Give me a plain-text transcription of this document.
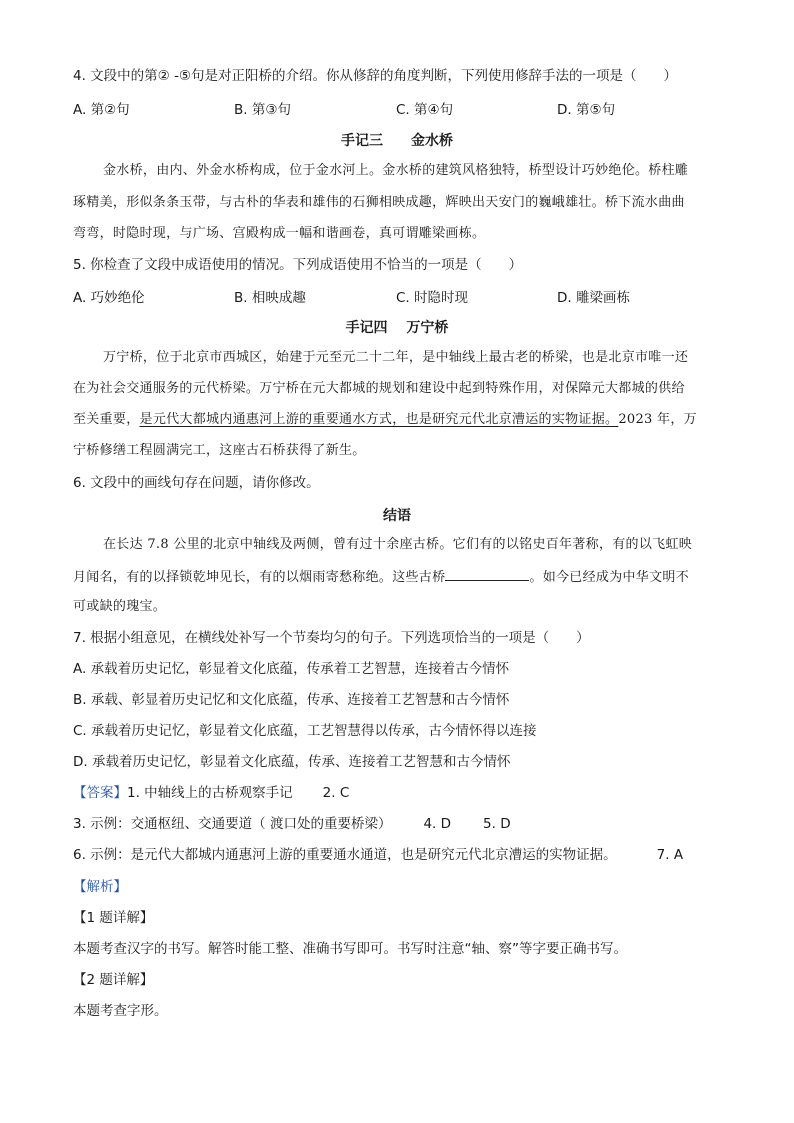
4. 文段中的第② -⑤句是对正阳桥的介绍。你从修辞的角度判断，下列使用修辞手法的一项是（　　）
A. 第②句	B. 第③句	C. 第④句	D. 第⑤句
手记三　　金水桥
金水桥，由内、外金水桥构成，位于金水河上。金水桥的建筑风格独特，桥型设计巧妙绝伦。桥柱雕
琢精美，形似条条玉带，与古朴的华表和雄伟的石狮相映成趣，辉映出天安门的巍峨雄壮。桥下流水曲曲
弯弯，时隐时现，与广场、宫殿构成一幅和谐画卷，真可谓雕梁画栋。
5. 你检查了文段中成语使用的情况。下列成语使用不恰当的一项是（　　）
A. 巧妙绝伦	B. 相映成趣	C. 时隐时现	D. 雕梁画栋
手记四　 万宁桥
万宁桥，位于北京市西城区，始建于元至元二十二年，是中轴线上最古老的桥梁，也是北京市唯一还
在为社会交通服务的元代桥梁。万宁桥在元大都城的规划和建设中起到特殊作用，对保障元大都城的供给
至关重要，是元代大都城内通惠河上游的重要通水方式，也是研究元代北京漕运的实物证据。2023 年，万
宁桥修缮工程圆满完工，这座古石桥获得了新生。
6. 文段中的画线句存在问题，请你修改。
结语
在长达 7.8 公里的北京中轴线及两侧，曾有过十余座古桥。它们有的以铭史百年著称，有的以飞虹映
月闻名，有的以择锁乾坤见长，有的以烟雨寄愁称绝。这些古桥	。如今已经成为中华文明不
可或缺的瑰宝。
7. 根据小组意见，在横线处补写一个节奏均匀的句子。下列选项恰当的一项是（　　）
A. 承载着历史记忆，彰显着文化底蕴，传承着工艺智慧，连接着古今情怀
B. 承载、彰显着历史记忆和文化底蕴，传承、连接着工艺智慧和古今情怀
C. 承载着历史记忆，彰显着文化底蕴，工艺智慧得以传承，古今情怀得以连接
D. 承载着历史记忆，彰显着文化底蕴，传承、连接着工艺智慧和古今情怀
【答案】1. 中轴线上的古桥观察手记 2. C
3. 示例：交通枢纽、交通要道（ 渡口处的重要桥梁） 4. D 5. D
6. 示例：是元代大都城内通惠河上游的重要通水通道，也是研究元代北京漕运的实物证据。	7. A
【解析】
【1 题详解】
本题考查汉字的书写。解答时能工整、准确书写即可。书写时注意“轴、察”等字要正确书写。
【2 题详解】
本题考查字形。
